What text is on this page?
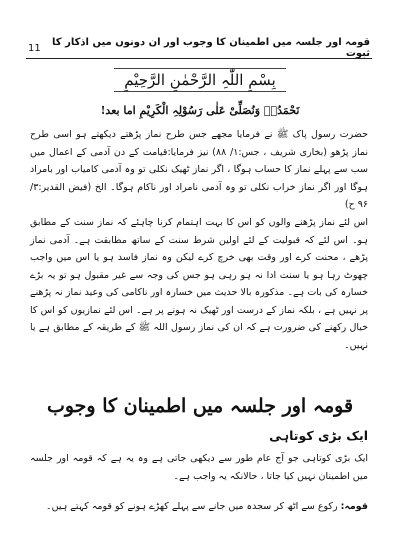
11	قومہ اور جلسہ میں اطمینان کا وجوب اور ان دونوں میں اذکار کا ثبوت
بِسْمِ اللّٰہِ الرَّحْمٰنِ الرَّحِیْمِ
نَحْمَدُہٗ وَنُصَلِّیْ عَلٰی رَسُوْلِہِ الْکَرِیْمِ اما بعد!
حضرت رسول پاک ﷺ نے فرمایا مجھے جس طرح نماز پڑھتے دیکھتے ہو اسی طرح نماز پڑھو (بخاری شریف ، جس:۱/ ۸۸) نیز فرمایا:قیامت کے دن آدمی کے اعمال میں سب سے پہلے نماز کا حساب ہوگا ، اگر نماز ٹھیک نکلی تو وہ آدمی کامیاب اور بامراد ہوگا اور اگر نماز خراب نکلی تو وہ آدمی نامراد اور ناکام ہوگا۔ الخ (فیض القدیر:۳/ ۹۶ ح)
اس لئے نماز پڑھنے والوں کو اس کا بہت اہتمام کرنا چاہئے کہ نماز سنت کے مطابق ہو۔ اس لئے کہ قبولیت کے لئے اولین شرط سنت کے ساتھ مطابقت ہے۔ آدمی نماز پڑھے ، محنت کرے اور وقت بھی خرچ کرے لیکن وہ نماز فاسد ہو یا اس میں واجب چھوٹ رہا ہو یا سنت ادا نہ ہو رہی ہو جس کی وجہ سے غیر مقبول ہو تو یہ بڑے خسارہ کی بات ہے۔ مذکورہ بالا حدیث میں خسارہ اور ناکامی کی وعید نماز نہ پڑھنے پر نہیں ہے ، بلکہ نماز کے درست اور ٹھیک نہ ہونے پر ہے۔ اس لئے نمازیوں کو اس کا خیال رکھنے کی ضرورت ہے کہ ان کی نماز رسول اللہ ﷺ کے طریقہ کے مطابق ہے یا نہیں۔
قومہ اور جلسہ میں اطمینان کا وجوب
ایک بڑی کوتاہی
ایک بڑی کوتاہی جو آج عام طور سے دیکھی جاتی ہے وہ یہ ہے کہ قومہ اور جلسہ میں اطمینان نہیں کیا جاتا ، حالانکہ یہ واجب ہے۔
قومہ: رکوع سے اٹھ کر سجدہ میں جانے سے پہلے کھڑے ہونے کو قومہ کہتے ہیں۔
